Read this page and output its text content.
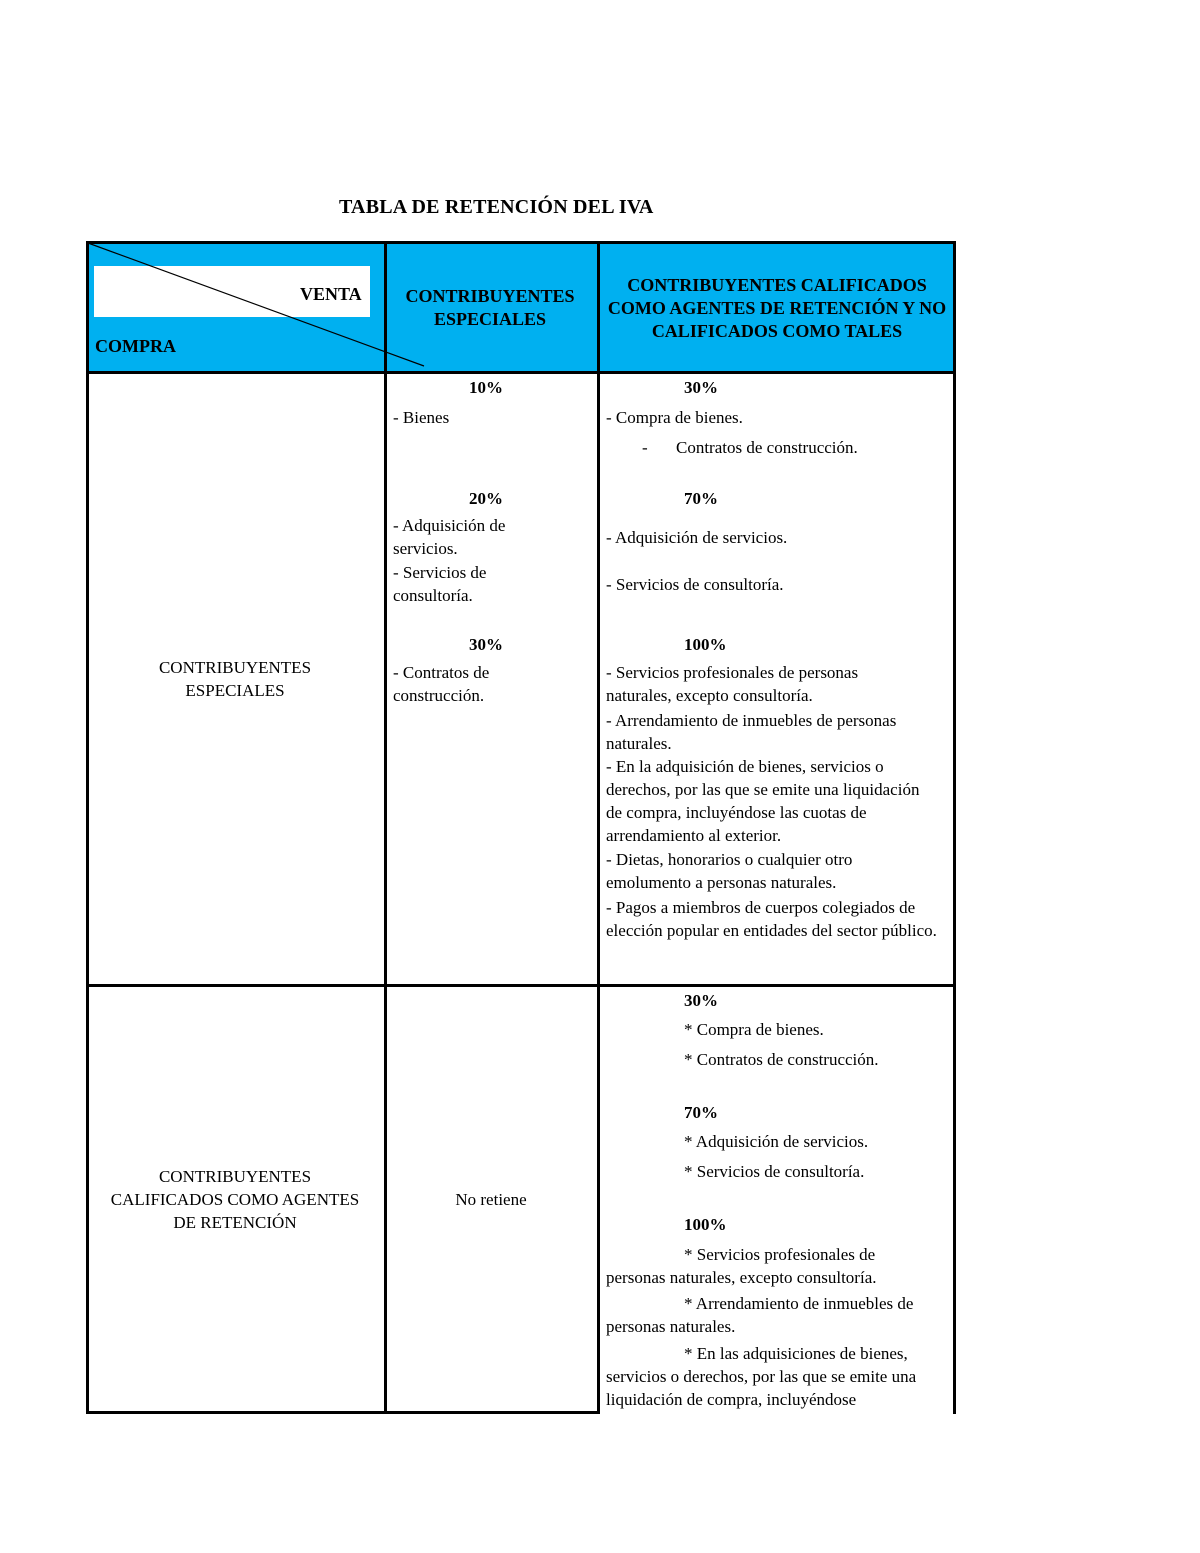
TABLA DE RETENCIÓN DEL IVA
VENTA
COMPRA
CONTRIBUYENTES ESPECIALES
CONTRIBUYENTES CALIFICADOS COMO AGENTES DE RETENCIÓN Y NO CALIFICADOS COMO TALES
CONTRIBUYENTES ESPECIALES
10%
- Bienes
20%
- Adquisición de servicios.
- Servicios de consultoría.
30%
- Contratos de construcción.
30%
- Compra de bienes.
- Contratos de construcción.
70%
- Adquisición de servicios.
- Servicios de consultoría.
100%
- Servicios profesionales de personas naturales, excepto consultoría.
- Arrendamiento de inmuebles de personas naturales.
- En la adquisición de bienes, servicios o derechos, por las que se emite una liquidación de compra, incluyéndose las cuotas de arrendamiento al exterior.
- Dietas, honorarios o cualquier otro emolumento a personas naturales.
- Pagos a miembros de cuerpos colegiados de elección popular en entidades del sector público.
CONTRIBUYENTES CALIFICADOS COMO AGENTES DE RETENCIÓN
No retiene
30%
* Compra de bienes.
* Contratos de construcción.
70%
* Adquisición de servicios.
* Servicios de consultoría.
100%
* Servicios profesionales de personas naturales, excepto consultoría.
* Arrendamiento de inmuebles de personas naturales.
* En las adquisiciones de bienes, servicios o derechos, por las que se emite una liquidación de compra, incluyéndose
